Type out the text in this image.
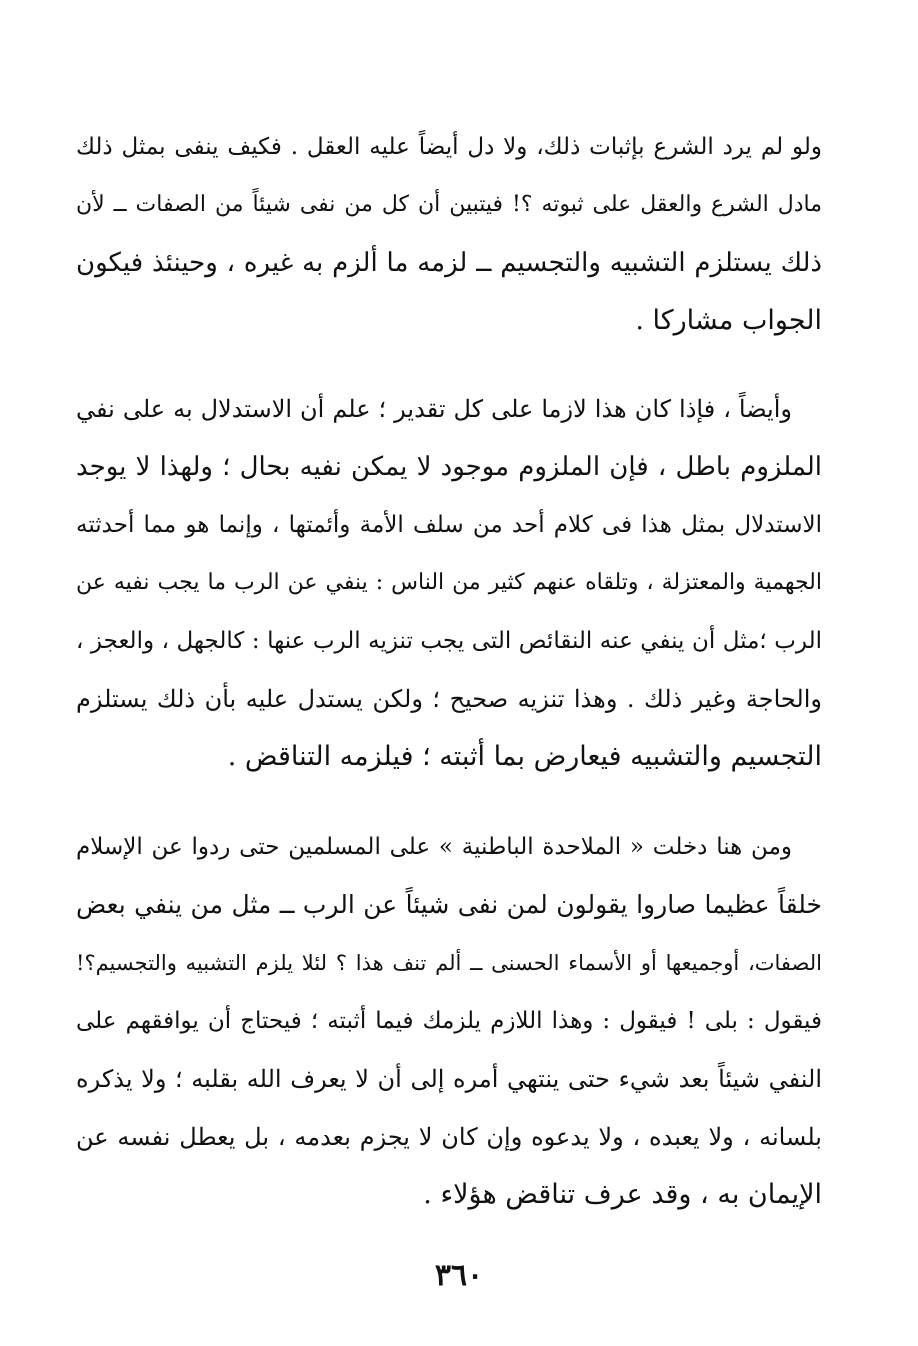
ولو لم يرد الشرع بإثبات ذلك، ولا دل أيضاً عليه العقل . فكيف ينفى بمثل ذلك
مادل الشرع والعقل على ثبوته ؟! فيتبين أن كل من نفى شيئاً من الصفات ــ لأن
ذلك يستلزم التشبيه والتجسيم ــ لزمه ما ألزم به غيره ، وحينئذ فيكون
الجواب مشاركا .
وأيضاً ، فإذا كان هذا لازما على كل تقدير ؛ علم أن الاستدلال به على نفي
الملزوم باطل ، فإن الملزوم موجود لا يمكن نفيه بحال ؛ ولهذا لا يوجد
الاستدلال بمثل هذا فى كلام أحد من سلف الأمة وأئمتها ، وإنما هو مما أحدثته
الجهمية والمعتزلة ، وتلقاه عنهم كثير من الناس : ينفي عن الرب ما يجب نفيه عن
الرب ؛مثل أن ينفي عنه النقائص التى يجب تنزيه الرب عنها : كالجهل ، والعجز ،
والحاجة وغير ذلك . وهذا تنزيه صحيح ؛ ولكن يستدل عليه بأن ذلك يستلزم
التجسيم والتشبيه فيعارض بما أثبته ؛ فيلزمه التناقض .
ومن هنا دخلت « الملاحدة الباطنية » على المسلمين حتى ردوا عن الإسلام
خلقاً عظيما صاروا يقولون لمن نفى شيئاً عن الرب ــ مثل من ينفي بعض
الصفات، أوجميعها أو الأسماء الحسنى ــ ألم تنف هذا ؟ لئلا يلزم التشبيه والتجسيم؟!
فيقول : بلى ! فيقول : وهذا اللازم يلزمك فيما أثبته ؛ فيحتاج أن يوافقهم على
النفي شيئاً بعد شيء حتى ينتهي أمره إلى أن لا يعرف الله بقلبه ؛ ولا يذكره
بلسانه ، ولا يعبده ، ولا يدعوه وإن كان لا يجزم بعدمه ، بل يعطل نفسه عن
الإيمان به ، وقد عرف تناقض هؤلاء .
٣٦٠
